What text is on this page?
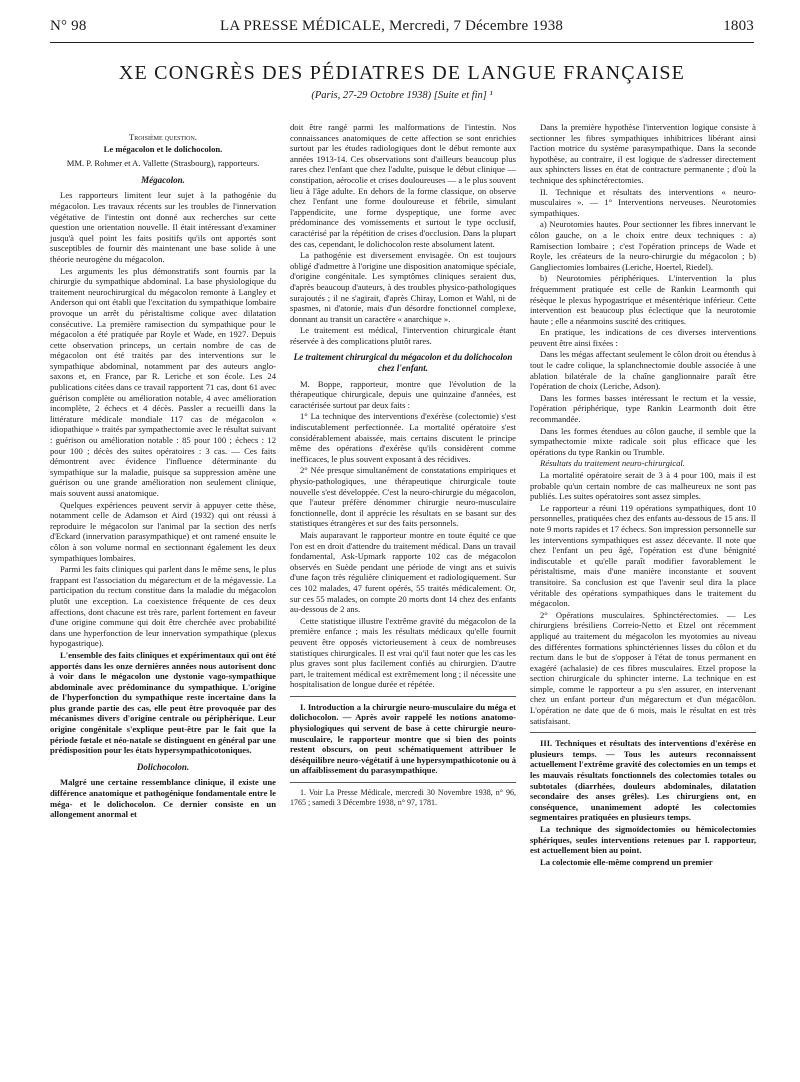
N° 98	LA PRESSE MÉDICALE, Mercredi, 7 Décembre 1938	1803
XE CONGRÈS DES PÉDIATRES DE LANGUE FRANÇAISE
(Paris, 27-29 Octobre 1938) [Suite et fin] ¹

Troisième question.

Le mégacolon et le dolichocolon.

MM. P. Rohmer et A. Vallette (Strasbourg), rapporteurs.

Mégacolon.

Les rapporteurs limitent leur sujet à la pathogénie du mégacolon. Les travaux récents sur les troubles de l'innervation végétative de l'intestin ont donné aux recherches sur cette question une orientation nouvelle. Il était intéressant d'examiner jusqu'à quel point les faits positifs qu'ils ont apportés sont susceptibles de fournir dès maintenant une base solide à une théorie neurogène du mégacolon.

Les arguments les plus démonstratifs sont fournis par la chirurgie du sympathique abdominal. La base physiologique du traitement neurochirurgical du mégacolon remonte à Langley et Anderson qui ont établi que l'excitation du sympathique lombaire provoque un arrêt du péristaltisme colique avec dilatation consécutive. La première ramisection du sympathique pour le mégacolon a été pratiquée par Royle et Wade, en 1927. Depuis cette observation princeps, un certain nombre de cas de mégacolon ont été traités par des interventions sur le sympathique abdominal, notamment par des auteurs anglo-saxons et, en France, par R. Leriche et son école. Les 24 publications citées dans ce travail rapportent 71 cas, dont 61 avec guérison complète ou amélioration notable, 4 avec amélioration incomplète, 2 échecs et 4 décès. Passler a recueilli dans la littérature médicale mondiale 117 cas de mégacolon « idiopathique » traités par sympathectomie avec le résultat suivant : guérison ou amélioration notable : 85 pour 100 ; échecs : 12 pour 100 ; décès des suites opératoires : 3 cas. — Ces faits démontrent avec évidence l'influence déterminante du sympathique sur la maladie, puisque sa suppression amène une guérison ou une grande amélioration non seulement clinique, mais souvent aussi anatomique.

Quelques expériences peuvent servir à appuyer cette thèse, notamment celle de Adamson et Aird (1932) qui ont réussi à reproduire le mégacolon sur l'animal par la section des nerfs d'Eckard (innervation parasympathique) et ont ramené ensuite le côlon à son volume normal en sectionnant également les deux sympathiques lombaires.

Parmi les faits cliniques qui parlent dans le même sens, le plus frappant est l'association du mégarectum et de la mégavessie. La participation du rectum constitue dans la maladie du mégacolon plutôt une exception. La coexistence fréquente de ces deux affections, dont chacune est très rare, parlent fortement en faveur d'une origine commune qui doit être cherchée avec probabilité dans une hyperfonction de leur innervation sympathique (plexus hypogastrique).

L'ensemble des faits cliniques et expérimentaux qui ont été apportés dans les onze dernières années nous autorisent donc à voir dans le mégacolon une dystonie vago-sympathique abdominale avec prédominance du sympathique. L'origine de l'hyperfonction du sympathique reste incertaine dans la plus grande partie des cas, elle peut être provoquée par des mécanismes divers d'origine centrale ou périphérique. Leur origine congénitale s'explique peut-être par le fait que la période fœtale et néo-natale se distinguent en général par une prédisposition pour les états hypersympathicotoniques.

Dolichocolon.

Malgré une certaine ressemblance clinique, il existe une différence anatomique et pathogénique fondamentale entre le méga- et le dolichocolon. Ce dernier consiste en un allongement anormal et

doit être rangé parmi les malformations de l'intestin. Nos connaissances anatomiques de cette affection se sont enrichies surtout par les études radiologiques dont le début remonte aux années 1913-14. Ces observations sont d'ailleurs beaucoup plus rares chez l'enfant que chez l'adulte, puisque le début clinique — constipation, aérocolie et crises douloureuses — a le plus souvent lieu à l'âge adulte. En dehors de la forme classique, on observe chez l'enfant une forme douloureuse et fébrile, simulant l'appendicite, une forme dyspeptique, une forme avec prédominance des vomissements et surtout le type occlusif, caractérisé par la répétition de crises d'occlusion. Dans la plupart des cas, cependant, le dolichocolon reste absolument latent.

La pathogénie est diversement envisagée. On est toujours obligé d'admettre à l'origine une disposition anatomique spéciale, d'origine congénitale. Les symptômes cliniques seraient dus, d'après beaucoup d'auteurs, à des troubles physico-pathologiques surajoutés ; il ne s'agirait, d'après Chiray, Lomon et Wahl, ni de spasmes, ni d'atonie, mais d'un désordre fonctionnel complexe, donnant au transit un caractère « anarchique ».

Le traitement est médical, l'intervention chirurgicale étant réservée à des complications plutôt rares.

Le traitement chirurgical du mégacolon et du dolichocolon chez l'enfant.

M. Boppe, rapporteur, montre que l'évolution de la thérapeutique chirurgicale, depuis une quinzaine d'années, est caractérisée surtout par deux faits :

1° La technique des interventions d'exérèse (colectomie) s'est indiscutablement perfectionnée. La mortalité opératoire s'est considérablement abaissée, mais certains discutent le principe même des opérations d'exérèse qu'ils considèrent comme inefficaces, le plus souvent exposant à des récidives.

2° Née presque simultanément de constatations empiriques et physio-pathologiques, une thérapeutique chirurgicale toute nouvelle s'est développée. C'est la neuro-chirurgie du mégacolon, que l'auteur préfère dénommer chirurgie neuro-musculaire fonctionnelle, dont il apprécie les résultats en se basant sur des statistiques étrangères et sur des faits personnels.

Mais auparavant le rapporteur montre en toute équité ce que l'on est en droit d'attendre du traitement médical. Dans un travail fondamental, Ask-Upmark rapporte 102 cas de mégacolon observés en Suède pendant une période de vingt ans et suivis d'une façon très régulière cliniquement et radiologiquement. Sur ces 102 malades, 47 furent opérés, 55 traités médicalement. Or, sur ces 55 malades, on compte 20 morts dont 14 chez des enfants au-dessous de 2 ans.

Cette statistique illustre l'extrême gravité du mégacolon de la première enfance ; mais les résultats médicaux qu'elle fournit peuvent être opposés victorieusement à ceux de nombreuses statistiques chirurgicales. Il est vrai qu'il faut noter que les cas les plus graves sont plus facilement confiés au chirurgien. D'autre part, le traitement médical est extrêmement long ; il nécessite une hospitalisation de longue durée et répétée.

I. Introduction a la chirurgie neuro-musculaire du méga et dolichocolon. — Après avoir rappelé les notions anatomo-physiologiques qui servent de base à cette chirurgie neuro-musculaire, le rapporteur montre que si bien des points restent obscurs, on peut schématiquement attribuer le déséquilibre neuro-végétatif à une hypersympathicotonie ou à un affaiblissement du parasympathique.

1. Voir La Presse Médicale, mercredi 30 Novembre 1938, n° 96, 1765 ; samedi 3 Décembre 1938, n° 97, 1781.

Dans la première hypothèse l'intervention logique consiste à sectionner les fibres sympathiques inhibitrices libérant ainsi l'action motrice du système parasympathique. Dans la seconde hypothèse, au contraire, il est logique de s'adresser directement aux sphincters lisses en état de contracture permanente ; d'où la technique des sphinctérectomies.

II. Technique et résultats des interventions « neuro-musculaires ». — 1° Interventions nerveuses. Neurotomies sympathiques.

a) Neurotomies hautes. Pour sectionner les fibres innervant le côlon gauche, on a le choix entre deux techniques : a) Ramisection lombaire ; c'est l'opération princeps de Wade et Royle, les créateurs de la neuro-chirurgie du mégacolon ; b) Gangliectomies lombaires (Leriche, Hoertel, Riedel).

b) Neurotomies périphériques. L'intervention la plus fréquemment pratiquée est celle de Rankin Learmonth qui résèque le plexus hypogastrique et mésentérique inférieur. Cette intervention est beaucoup plus éclectique que la neurotomie haute ; elle a néanmoins suscité des critiques.

En pratique, les indications de ces diverses interventions peuvent être ainsi fixées :

Dans les mégas affectant seulement le côlon droit ou étendus à tout le cadre colique, la splanchnectomie double associée à une ablation bilatérale de la chaîne ganglionnaire paraît être l'opération de choix (Leriche, Adson).

Dans les formes basses intéressant le rectum et la vessie, l'opération périphérique, type Rankin Learmonth doit être recommandée.

Dans les formes étendues au côlon gauche, il semble que la sympathectomie mixte radicale soit plus efficace que les opérations du type Rankin ou Trumble.

Résultats du traitement neuro-chirurgical.

La mortalité opératoire serait de 3 à 4 pour 100, mais il est probable qu'un certain nombre de cas malheureux ne sont pas publiés. Les suites opératoires sont assez simples.

Le rapporteur a réuni 119 opérations sympathiques, dont 10 personnelles, pratiquées chez des enfants au-dessous de 15 ans. Il note 9 morts rapides et 17 échecs. Son impression personnelle sur les interventions sympathiques est assez décevante. Il note que chez l'enfant un peu âgé, l'opération est d'une bénignité indiscutable et qu'elle paraît modifier favorablement le péristaltisme, mais d'une manière inconstante et souvent transitoire. Sa conclusion est que l'avenir seul dira la place véritable des opérations sympathiques dans le traitement du mégacolon.

2° Opérations musculaires. Sphinctérectomies. — Les chirurgiens brésiliens Correio-Netto et Etzel ont récemment appliqué au traitement du mégacolon les myotomies au niveau des différentes formations sphinctériennes lisses du côlon et du rectum dans le but de s'opposer à l'état de tonus permanent en exagéré (achalasie) de ces fibres musculaires. Etzel propose la section chirurgicale du sphincter interne. La technique en est simple, comme le rapporteur a pu s'en assurer, en intervenant chez un enfant porteur d'un mégarectum et d'un mégacôlon. L'opération ne date que de 6 mois, mais le résultat en est très satisfaisant.

III. Techniques et résultats des interventions d'exérèse en plusieurs temps. — Tous les auteurs reconnaissent actuellement l'extrême gravité des colectomies en un temps et les mauvais résultats fonctionnels des colectomies totales ou subtotales (diarrhées, douleurs abdominales, dilatation secondaire des anses grêles). Les chirurgiens ont, en conséquence, unanimement adopté les colectomies segmentaires pratiquées en plusieurs temps.

La technique des sigmoïdectomies ou hémicolectomies sphériques, seules interventions retenues par l. rapporteur, est actuellement bien au point.

La colectomie elle-même comprend un premier
